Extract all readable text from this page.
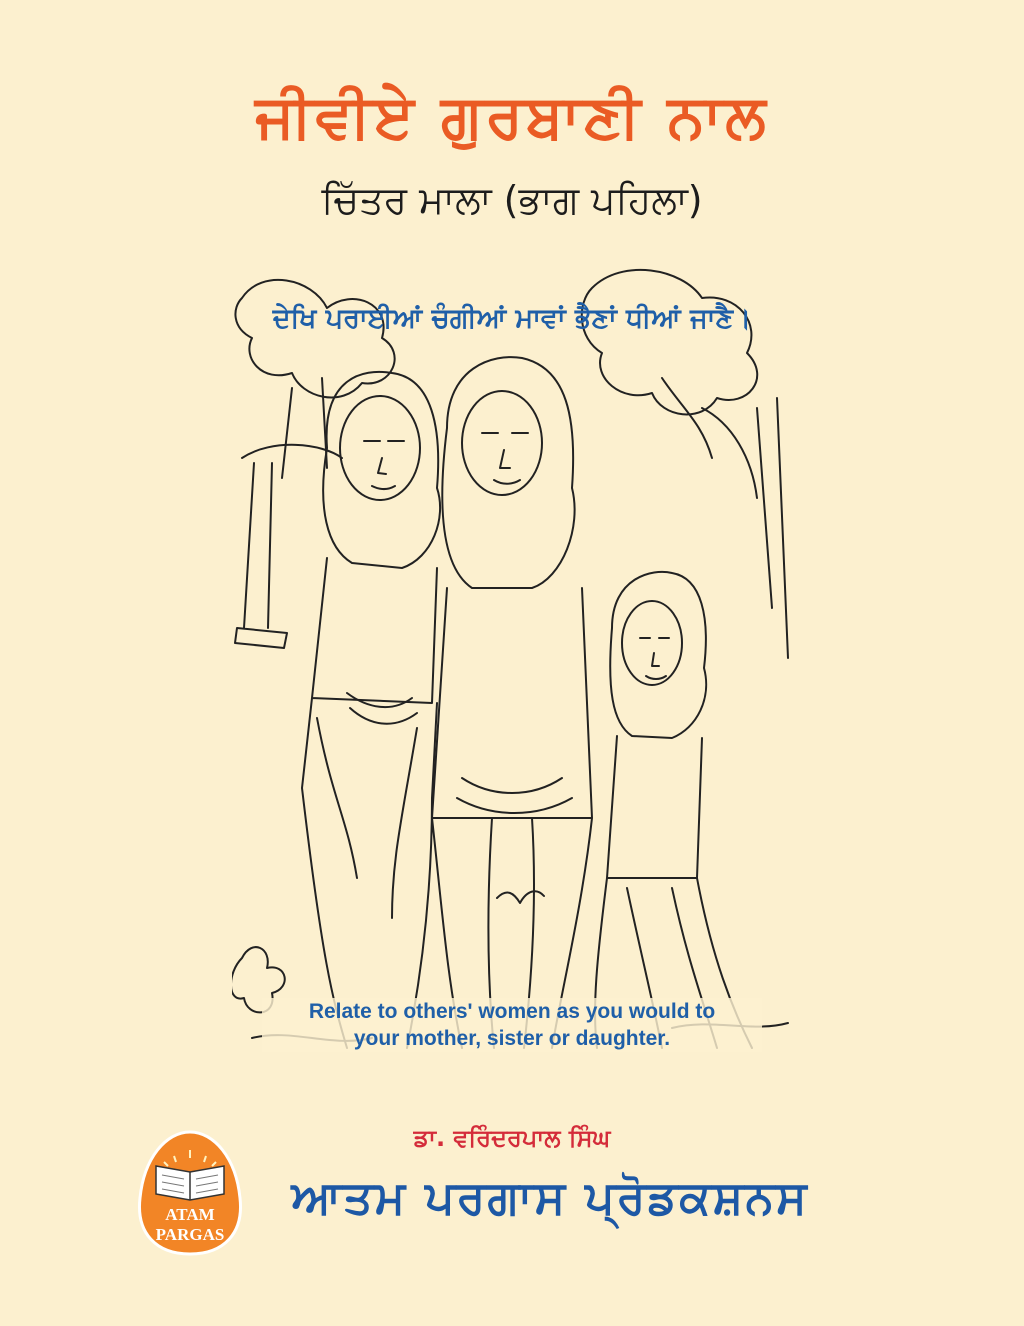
ਜੀਵੀਏ ਗੁਰਬਾਣੀ ਨਾਲ
ਚਿੱਤਰ ਮਾਲਾ (ਭਾਗ ਪਹਿਲਾ)
ਦੇਖਿ ਪਰਾਈਆਂ ਚੰਗੀਆਂ ਮਾਵਾਂ ਭੈਣਾਂ ਧੀਆਂ ਜਾਣੈ।
Relate to others' women as you would to
your mother, sister or daughter.
ਡਾ. ਵਰਿੰਦਰਪਾਲ ਸਿੰਘ
ATAM
PARGAS
ਆਤਮ ਪਰਗਾਸ ਪ੍ਰੋਡਕਸ਼ਨਸ
